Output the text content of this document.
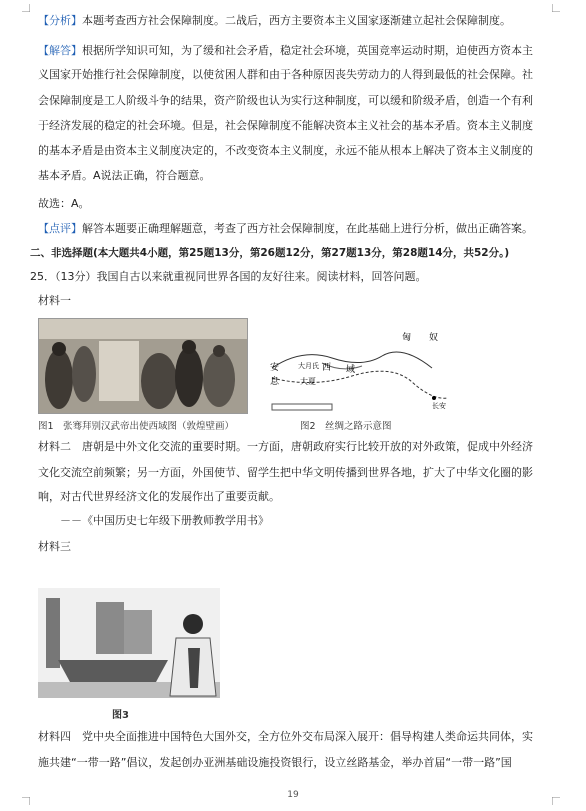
【分析】本题考查西方社会保障制度。二战后，西方主要资本主义国家逐渐建立起社会保障制度。
【解答】根据所学知识可知，为了缓和社会矛盾，稳定社会环境，英国竞率运动时期，迫使西方资本主
义国家开始推行社会保障制度，以使贫困人群和由于各种原因丧失劳动力的人得到最低的社会保障。社
会保障制度是工人阶级斗争的结果，资产阶级也认为实行这种制度，可以缓和阶级矛盾，创造一个有利
于经济发展的稳定的社会环境。但是，社会保障制度不能解决资本主义社会的基本矛盾。资本主义制度
的基本矛盾是由资本主义制度决定的，不改变资本主义制度，永远不能从根本上解决了资本主义制度的
基本矛盾。A说法正确，符合题意。
故选：A。
【点评】解答本题要正确理解题意，考查了西方社会保障制度，在此基础上进行分析，做出正确答案。
二、非选择题(本大题共4小题，第25题13分，第26题12分，第27题13分，第28题14分，共52分。)
25．（13分）我国自古以来就重视同世界各国的友好往来。阅读材料，回答问题。
材料一
图1　张骞拜别汉武帝出使西域图（敦煌壁画）
匈　　奴
安
息
大月氏 西 域
大夏
长安
图2　丝绸之路示意图
材料二　唐朝是中外文化交流的重要时期。一方面，唐朝政府实行比较开放的对外政策，促成中外经济
文化交流空前频繁；另一方面，外国使节、留学生把中华文明传播到世界各地，扩大了中华文化圈的影
响，对古代世界经济文化的发展作出了重要贡献。
－－《中国历史七年级下册教师教学用书》
材料三
图3
材料四　党中央全面推进中国特色大国外交，全方位外交布局深入展开：倡导构建人类命运共同体，实
施共建“一带一路”倡议，发起创办亚洲基础设施投资银行，设立丝路基金，举办首届“一带一路”国
19
